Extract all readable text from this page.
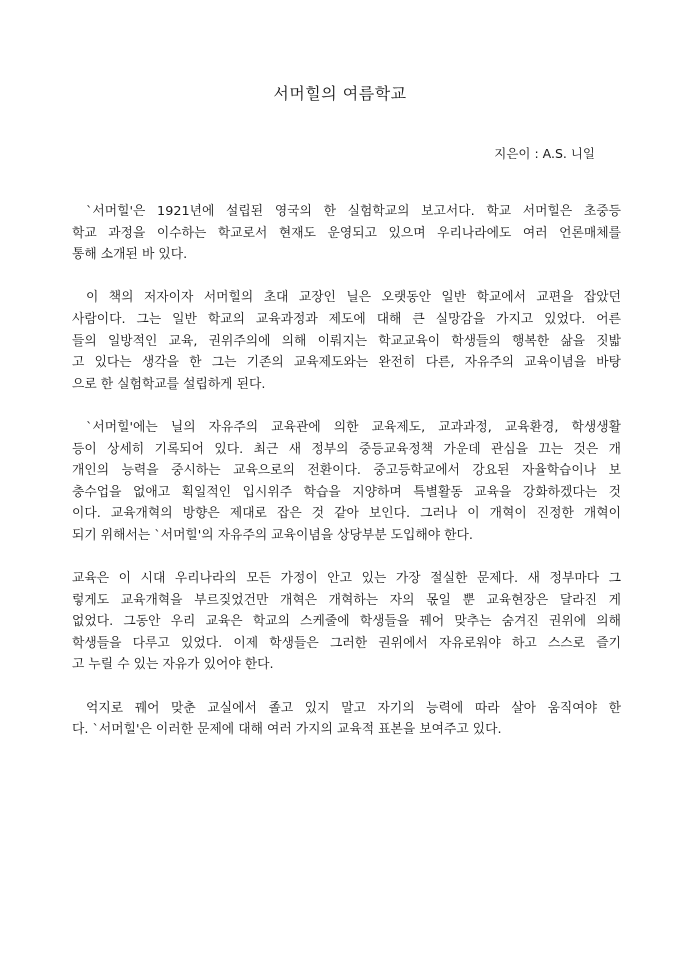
서머힐의 여름학교
지은이 : A.S. 니일
`서머힐'은 1921년에 설립된 영국의 한 실험학교의 보고서다. 학교 서머힐은 초중등
학교 과정을 이수하는 학교로서 현재도 운영되고 있으며 우리나라에도 여러 언론매체를
통해 소개된 바 있다.
이 책의 저자이자 서머힐의 초대 교장인 닐은 오랫동안 일반 학교에서 교편을 잡았던
사람이다. 그는 일반 학교의 교육과정과 제도에 대해 큰 실망감을 가지고 있었다. 어른
들의 일방적인 교육, 권위주의에 의해 이뤄지는 학교교육이 학생들의 행복한 삶을 짓밟
고 있다는 생각을 한 그는 기존의 교육제도와는 완전히 다른, 자유주의 교육이념을 바탕
으로 한 실험학교를 설립하게 된다.
`서머힐'에는 닐의 자유주의 교육관에 의한 교육제도, 교과과정, 교육환경, 학생생활
등이 상세히 기록되어 있다. 최근 새 정부의 중등교육정책 가운데 관심을 끄는 것은 개
개인의 능력을 중시하는 교육으로의 전환이다. 중고등학교에서 강요된 자율학습이나 보
충수업을 없애고 획일적인 입시위주 학습을 지양하며 특별활동 교육을 강화하겠다는 것
이다. 교육개혁의 방향은 제대로 잡은 것 같아 보인다. 그러나 이 개혁이 진정한 개혁이
되기 위해서는 `서머힐'의 자유주의 교육이념을 상당부분 도입해야 한다.
교육은 이 시대 우리나라의 모든 가정이 안고 있는 가장 절실한 문제다. 새 정부마다 그
렇게도 교육개혁을 부르짖었건만 개혁은 개혁하는 자의 몫일 뿐 교육현장은 달라진 게
없었다. 그동안 우리 교육은 학교의 스케줄에 학생들을 꿰어 맞추는 숨겨진 권위에 의해
학생들을 다루고 있었다. 이제 학생들은 그러한 권위에서 자유로워야 하고 스스로 즐기
고 누릴 수 있는 자유가 있어야 한다.
억지로 꿰어 맞춘 교실에서 졸고 있지 말고 자기의 능력에 따라 살아 움직여야 한
다. `서머힐'은 이러한 문제에 대해 여러 가지의 교육적 표본을 보여주고 있다.
